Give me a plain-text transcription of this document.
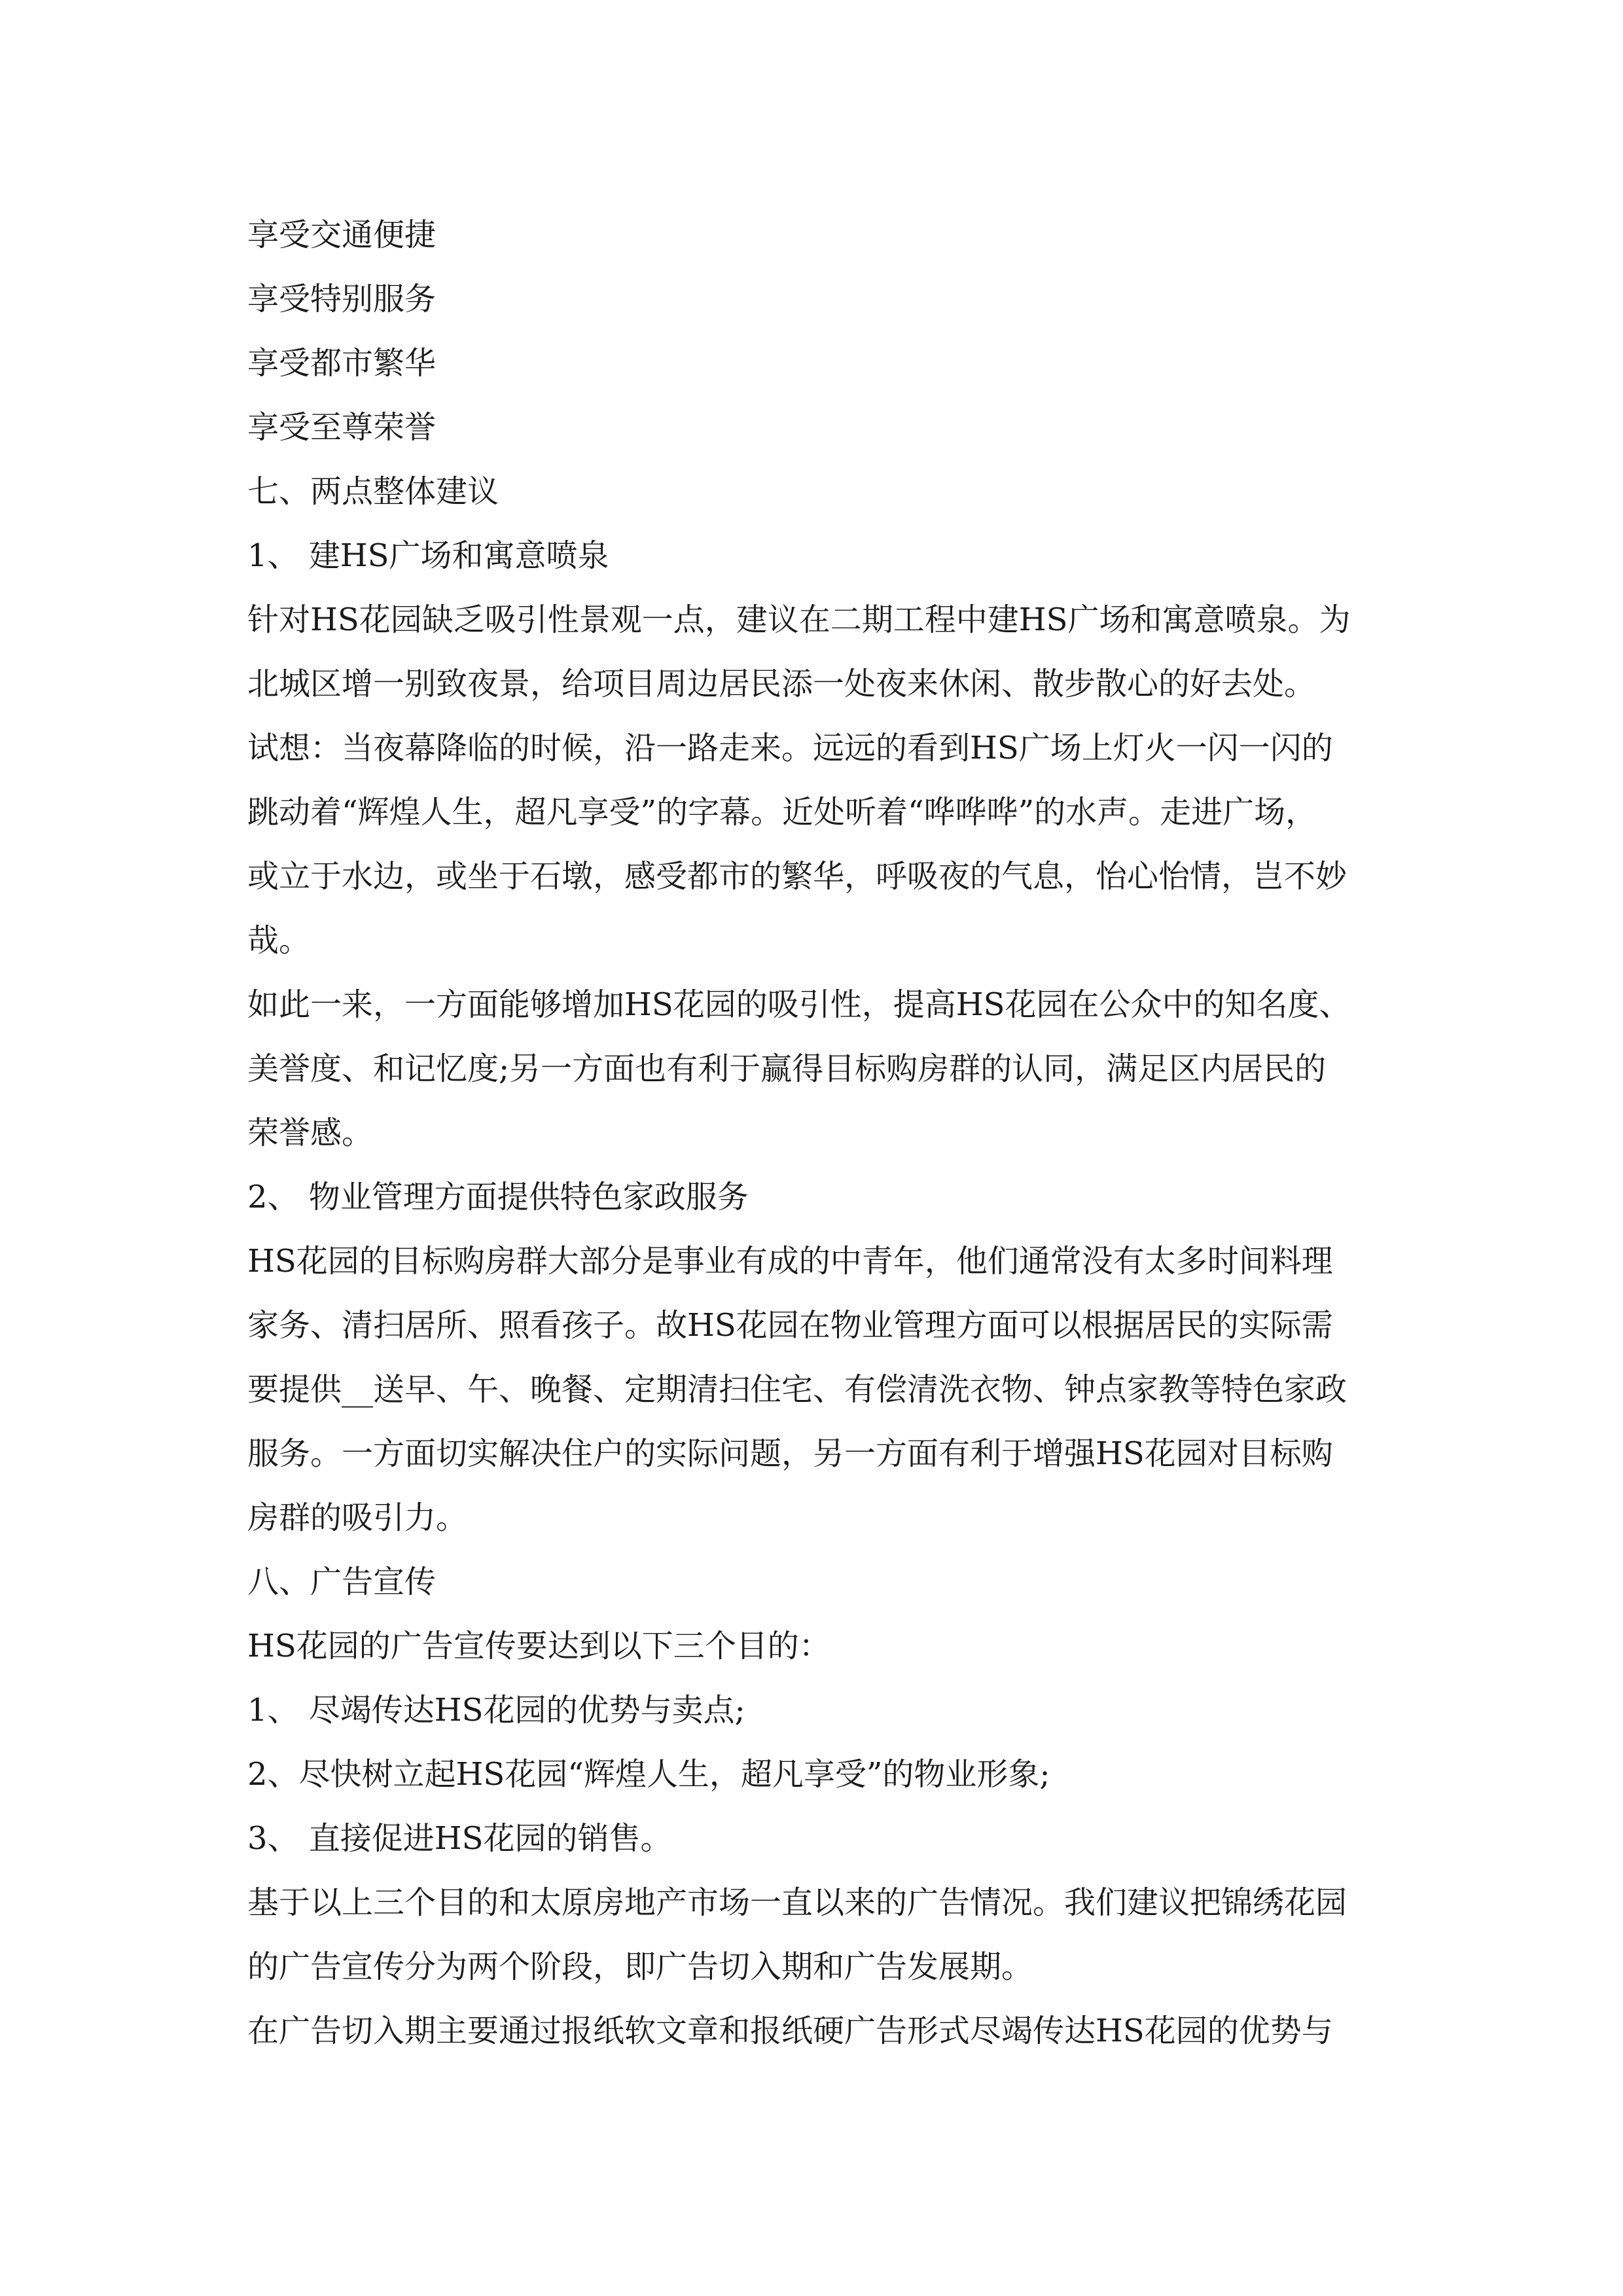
享受交通便捷
享受特别服务
享受都市繁华
享受至尊荣誉
七、两点整体建议
1、 建HS广场和寓意喷泉
针对HS花园缺乏吸引性景观一点，建议在二期工程中建HS广场和寓意喷泉。为
北城区增一别致夜景，给项目周边居民添一处夜来休闲、散步散心的好去处。
试想：当夜幕降临的时候，沿一路走来。远远的看到HS广场上灯火一闪一闪的
跳动着“辉煌人生，超凡享受”的字幕。近处听着“哗哗哗”的水声。走进广场，
或立于水边，或坐于石墩，感受都市的繁华，呼吸夜的气息，怡心怡情，岂不妙
哉。
如此一来，一方面能够增加HS花园的吸引性，提高HS花园在公众中的知名度、
美誉度、和记忆度;另一方面也有利于赢得目标购房群的认同，满足区内居民的
荣誉感。
2、 物业管理方面提供特色家政服务
HS花园的目标购房群大部分是事业有成的中青年，他们通常没有太多时间料理
家务、清扫居所、照看孩子。故HS花园在物业管理方面可以根据居民的实际需
要提供__送早、午、晚餐、定期清扫住宅、有偿清洗衣物、钟点家教等特色家政
服务。一方面切实解决住户的实际问题，另一方面有利于增强HS花园对目标购
房群的吸引力。
八、广告宣传
HS花园的广告宣传要达到以下三个目的：
1、 尽竭传达HS花园的优势与卖点;
2、尽快树立起HS花园“辉煌人生，超凡享受”的物业形象;
3、 直接促进HS花园的销售。
基于以上三个目的和太原房地产市场一直以来的广告情况。我们建议把锦绣花园
的广告宣传分为两个阶段，即广告切入期和广告发展期。
在广告切入期主要通过报纸软文章和报纸硬广告形式尽竭传达HS花园的优势与
